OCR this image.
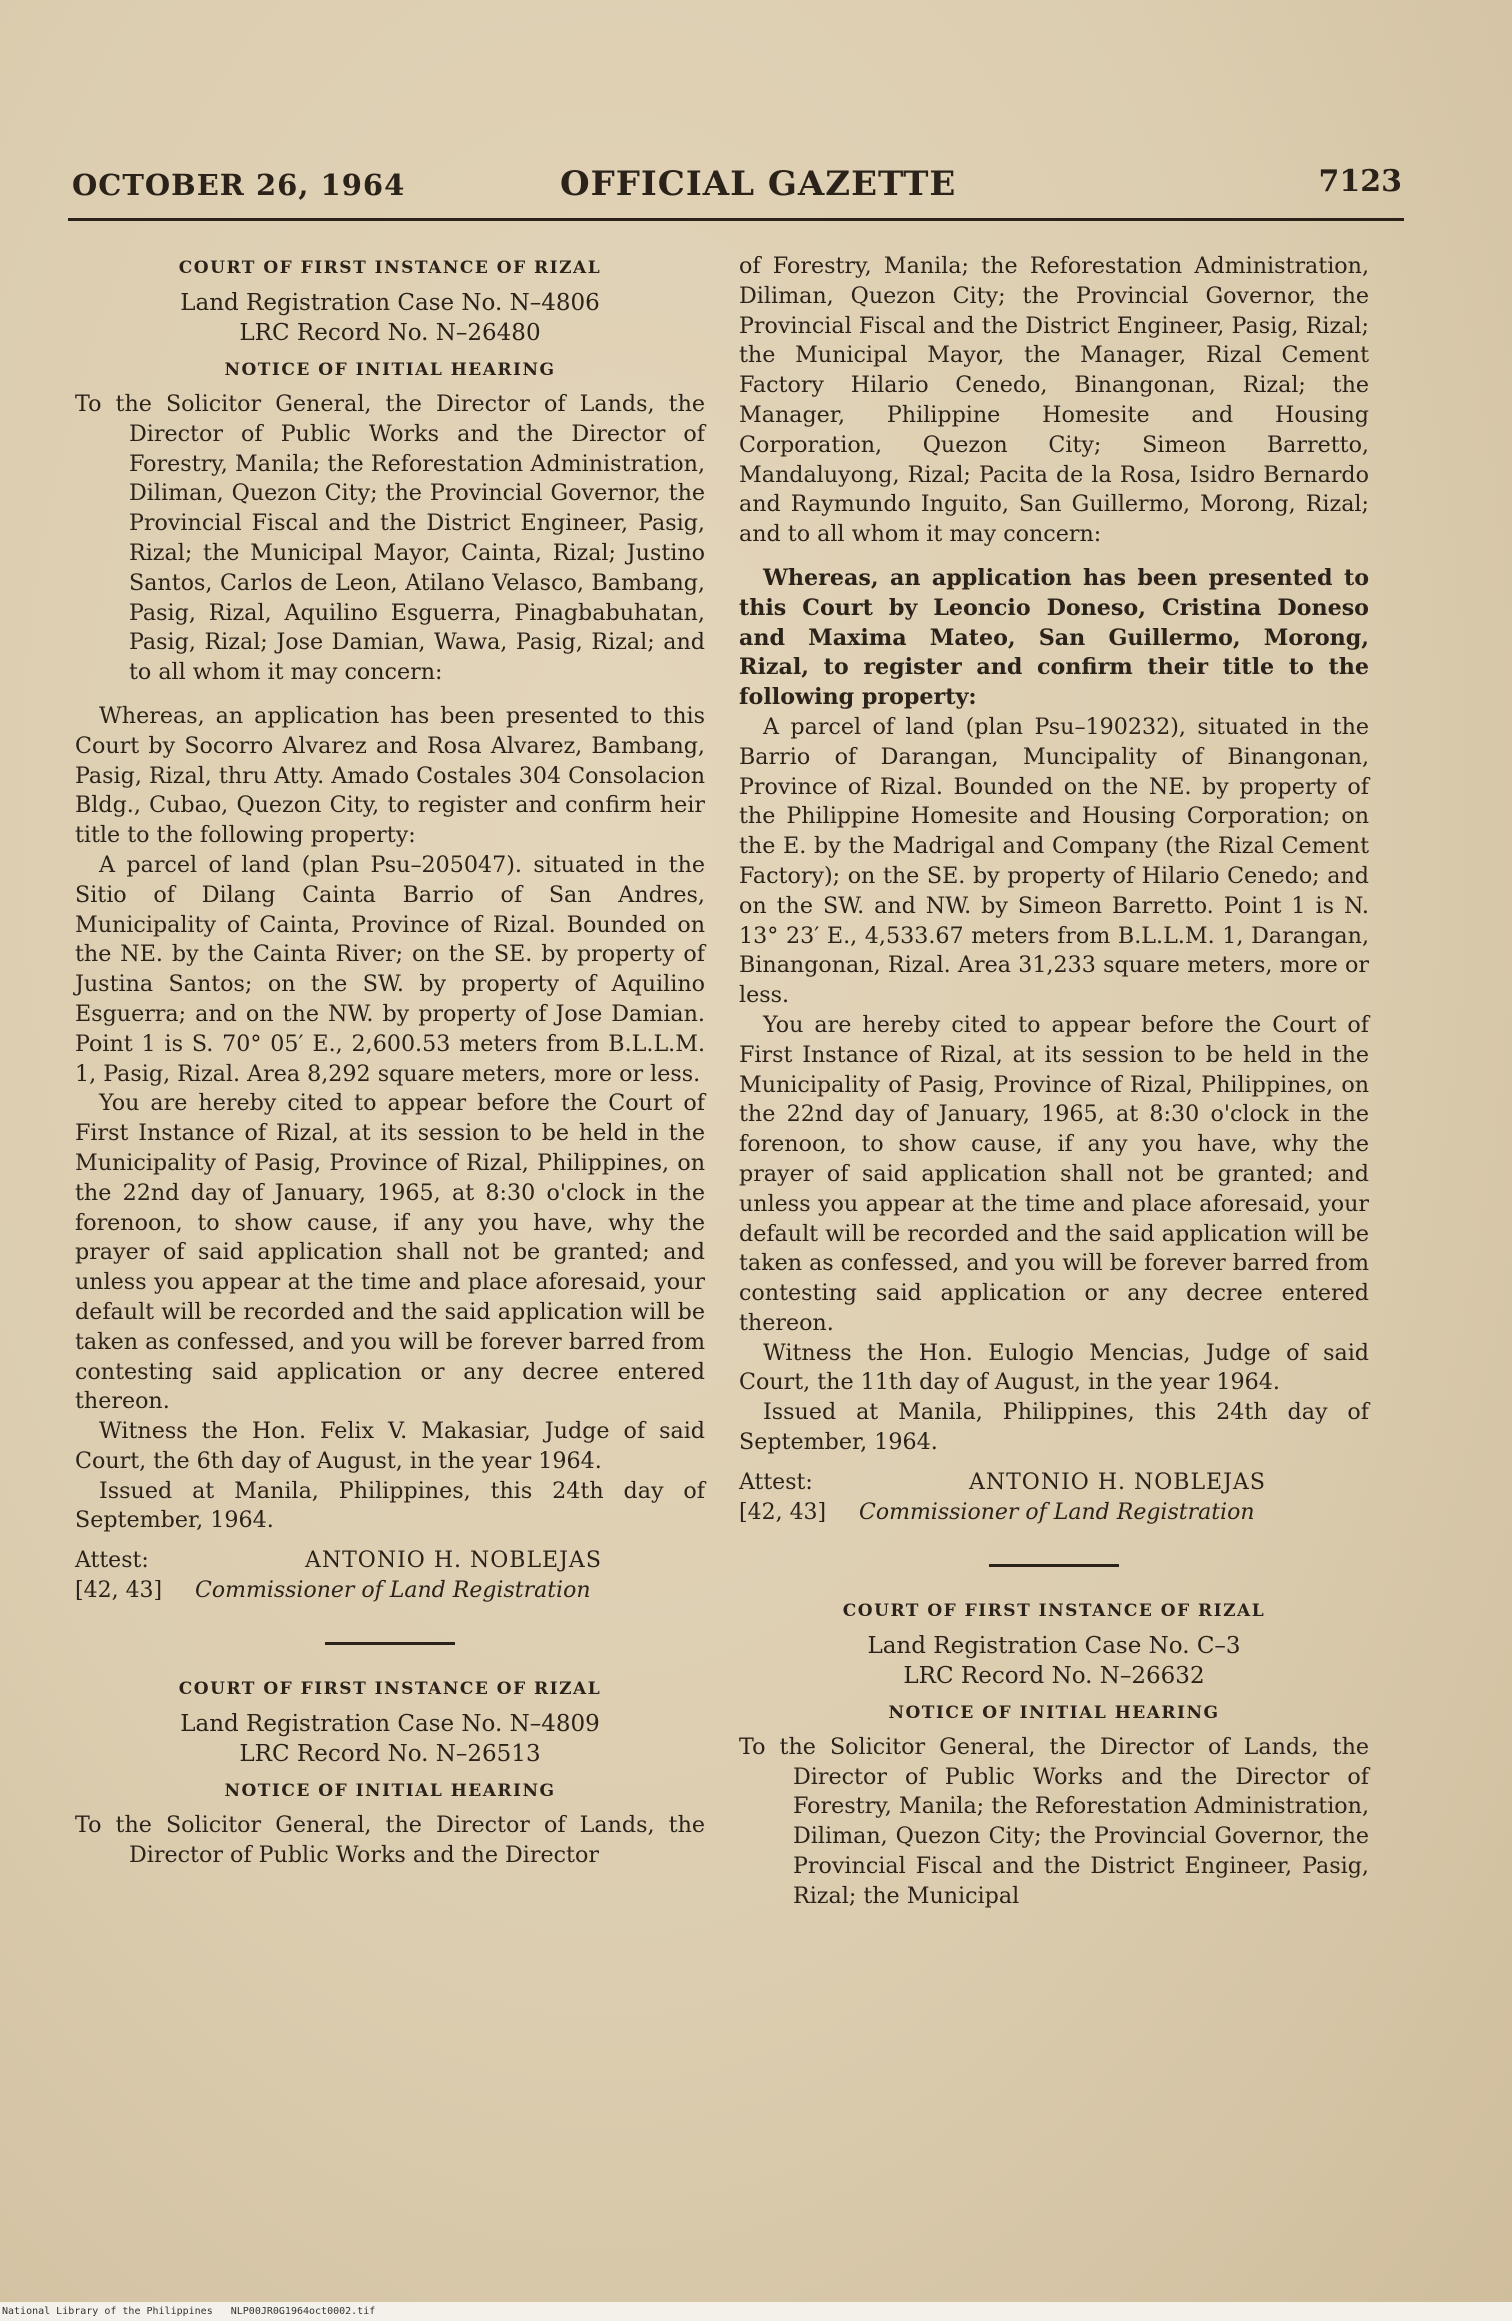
OCTOBER 26, 1964	OFFICIAL GAZETTE	7123
COURT OF FIRST INSTANCE OF RIZAL
Land Registration Case No. N–4806
LRC Record No. N–26480
NOTICE OF INITIAL HEARING

To the Solicitor General, the Director of Lands, the Director of Public Works and the Director of Forestry, Manila; the Reforestation Administration, Diliman, Quezon City; the Provincial Governor, the Provincial Fiscal and the District Engineer, Pasig, Rizal; the Municipal Mayor, Cainta, Rizal; Justino Santos, Carlos de Leon, Atilano Velasco, Bambang, Pasig, Rizal, Aquilino Esguerra, Pinagbabuhatan, Pasig, Rizal; Jose Damian, Wawa, Pasig, Rizal; and to all whom it may concern:

Whereas, an application has been presented to this Court by Socorro Alvarez and Rosa Alvarez, Bambang, Pasig, Rizal, thru Atty. Amado Costales 304 Consolacion Bldg., Cubao, Quezon City, to register and confirm heir title to the following property:

A parcel of land (plan Psu–205047). situated in the Sitio of Dilang Cainta Barrio of San Andres, Municipality of Cainta, Province of Rizal. Bounded on the NE. by the Cainta River; on the SE. by property of Justina Santos; on the SW. by property of Aquilino Esguerra; and on the NW. by property of Jose Damian. Point 1 is S. 70° 05′ E., 2,600.53 meters from B.L.L.M. 1, Pasig, Rizal. Area 8,292 square meters, more or less.

You are hereby cited to appear before the Court of First Instance of Rizal, at its session to be held in the Municipality of Pasig, Province of Rizal, Philippines, on the 22nd day of January, 1965, at 8:30 o'clock in the forenoon, to show cause, if any you have, why the prayer of said application shall not be granted; and unless you appear at the time and place aforesaid, your default will be recorded and the said application will be taken as confessed, and you will be forever barred from contesting said application or any decree entered thereon.

Witness the Hon. Felix V. Makasiar, Judge of said Court, the 6th day of August, in the year 1964.

Issued at Manila, Philippines, this 24th day of September, 1964.

Attest:	ANTONIO H. NOBLEJAS
[42, 43] Commissioner of Land Registration
COURT OF FIRST INSTANCE OF RIZAL
Land Registration Case No. N–4809
LRC Record No. N–26513
NOTICE OF INITIAL HEARING

To the Solicitor General, the Director of Lands, the Director of Public Works and the Director

of Forestry, Manila; the Reforestation Administration, Diliman, Quezon City; the Provincial Governor, the Provincial Fiscal and the District Engineer, Pasig, Rizal; the Municipal Mayor, the Manager, Rizal Cement Factory Hilario Cenedo, Binangonan, Rizal; the Manager, Philippine Homesite and Housing Corporation, Quezon City; Simeon Barretto, Mandaluyong, Rizal; Pacita de la Rosa, Isidro Bernardo and Raymundo Inguito, San Guillermo, Morong, Rizal; and to all whom it may concern:

Whereas, an application has been presented to this Court by Leoncio Doneso, Cristina Doneso and Maxima Mateo, San Guillermo, Morong, Rizal, to register and confirm their title to the following property:

A parcel of land (plan Psu–190232), situated in the Barrio of Darangan, Muncipality of Binangonan, Province of Rizal. Bounded on the NE. by property of the Philippine Homesite and Housing Corporation; on the E. by the Madrigal and Company (the Rizal Cement Factory); on the SE. by property of Hilario Cenedo; and on the SW. and NW. by Simeon Barretto. Point 1 is N. 13° 23′ E., 4,533.67 meters from B.L.L.M. 1, Darangan, Binangonan, Rizal. Area 31,233 square meters, more or less.

You are hereby cited to appear before the Court of First Instance of Rizal, at its session to be held in the Municipality of Pasig, Province of Rizal, Philippines, on the 22nd day of January, 1965, at 8:30 o'clock in the forenoon, to show cause, if any you have, why the prayer of said application shall not be granted; and unless you appear at the time and place aforesaid, your default will be recorded and the said application will be taken as confessed, and you will be forever barred from contesting said application or any decree entered thereon.

Witness the Hon. Eulogio Mencias, Judge of said Court, the 11th day of August, in the year 1964.

Issued at Manila, Philippines, this 24th day of September, 1964.

Attest:	ANTONIO H. NOBLEJAS
[42, 43] Commissioner of Land Registration
COURT OF FIRST INSTANCE OF RIZAL
Land Registration Case No. C–3
LRC Record No. N–26632
NOTICE OF INITIAL HEARING

To the Solicitor General, the Director of Lands, the Director of Public Works and the Director of Forestry, Manila; the Reforestation Administration, Diliman, Quezon City; the Provincial Governor, the Provincial Fiscal and the District Engineer, Pasig, Rizal; the Municipal

National Library of the Philippines NLP00JR0G1964oct0002.tif
